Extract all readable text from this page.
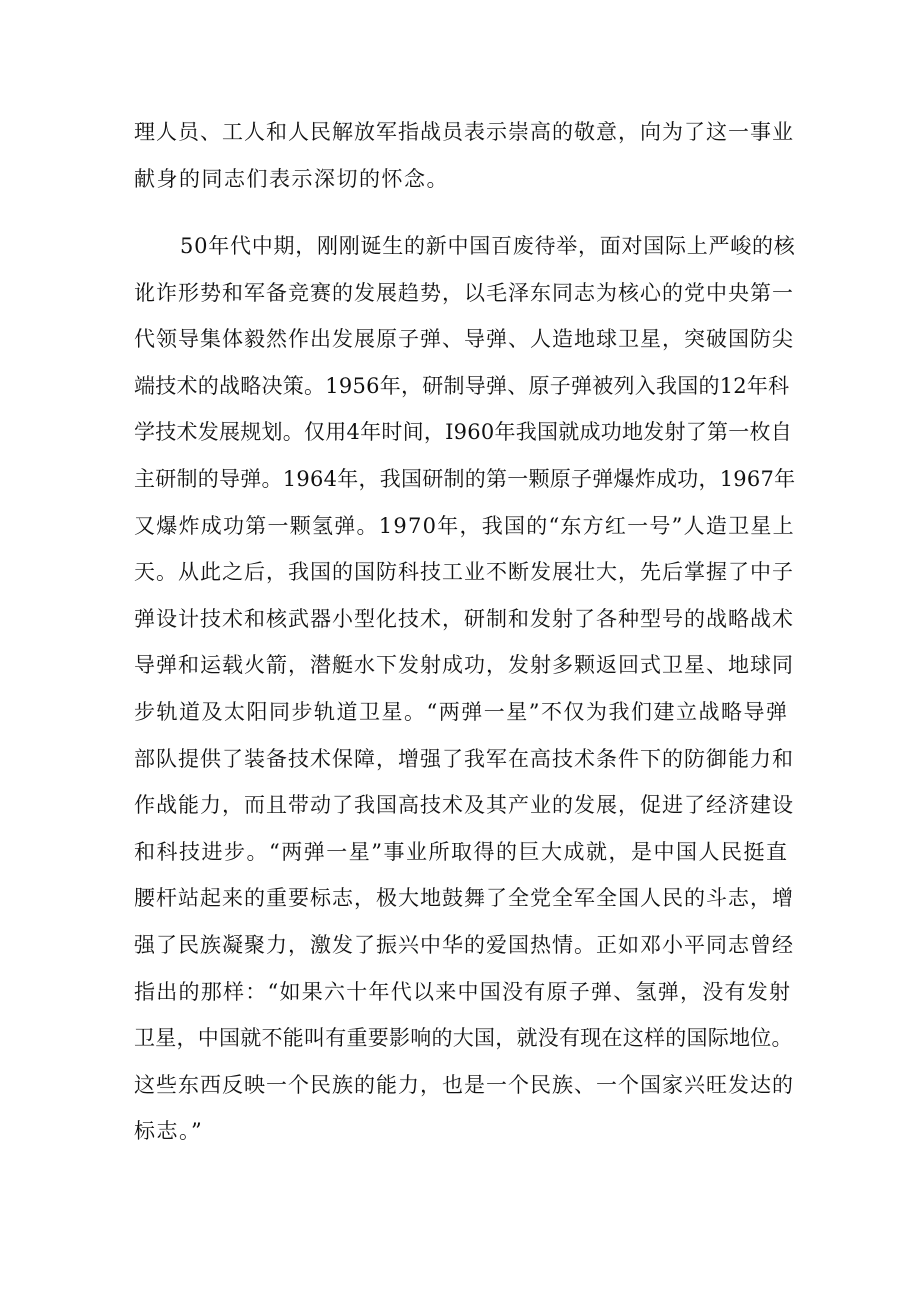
理人员、工人和人民解放军指战员表示崇高的敬意，向为了这一事业
献身的同志们表示深切的怀念。
50年代中期，刚刚诞生的新中国百废待举，面对国际上严峻的核
讹诈形势和军备竞赛的发展趋势，以毛泽东同志为核心的党中央第一
代领导集体毅然作出发展原子弹、导弹、人造地球卫星，突破国防尖
端技术的战略决策。1956年，研制导弹、原子弹被列入我国的12年科
学技术发展规划。仅用4年时间，I960年我国就成功地发射了第一枚自
主研制的导弹。1964年，我国研制的第一颗原子弹爆炸成功，1967年
又爆炸成功第一颗氢弹。1970年，我国的“东方红一号”人造卫星上
天。从此之后，我国的国防科技工业不断发展壮大，先后掌握了中子
弹设计技术和核武器小型化技术，研制和发射了各种型号的战略战术
导弹和运载火箭，潜艇水下发射成功，发射多颗返回式卫星、地球同
步轨道及太阳同步轨道卫星。“两弹一星”不仅为我们建立战略导弹
部队提供了装备技术保障，增强了我军在高技术条件下的防御能力和
作战能力，而且带动了我国高技术及其产业的发展，促进了经济建设
和科技进步。“两弹一星”事业所取得的巨大成就，是中国人民挺直
腰杆站起来的重要标志，极大地鼓舞了全党全军全国人民的斗志，增
强了民族凝聚力，激发了振兴中华的爱国热情。正如邓小平同志曾经
指出的那样：“如果六十年代以来中国没有原子弹、氢弹，没有发射
卫星，中国就不能叫有重要影响的大国，就没有现在这样的国际地位。
这些东西反映一个民族的能力，也是一个民族、一个国家兴旺发达的
标志。”
